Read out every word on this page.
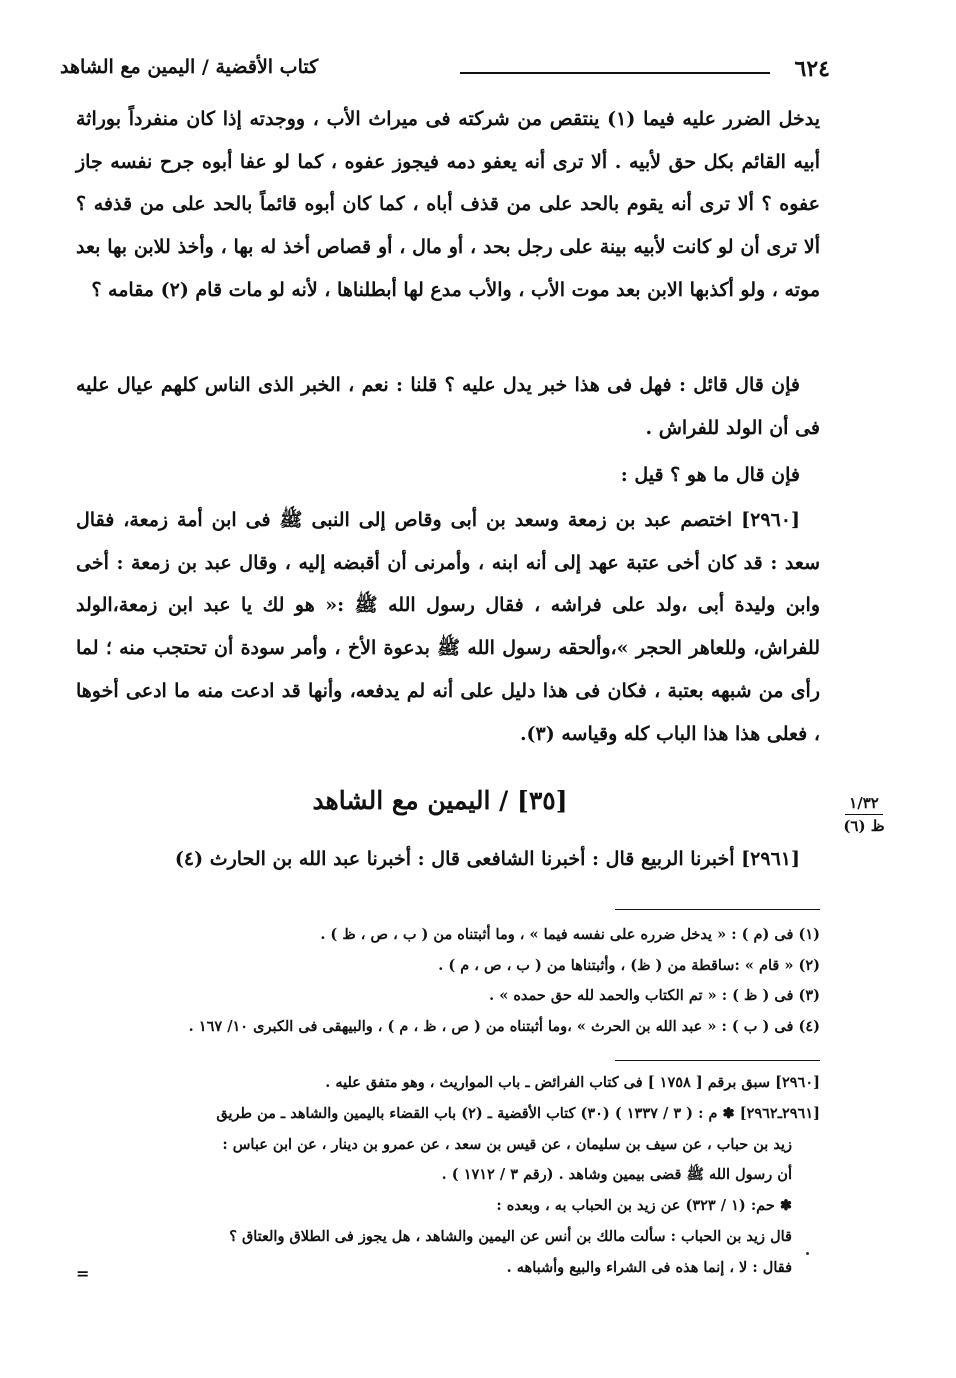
٦٢٤
كتاب الأقضية / اليمين مع الشاهد
يدخل الضرر عليه فيما (١) ينتقص من شركته فى ميراث الأب ، ووجدته إذا كان منفرداً بوراثة أبيه القائم بكل حق لأبيه . ألا ترى أنه يعفو دمه فيجوز عفوه ، كما لو عفا أبوه جرح نفسه جاز عفوه ؟ ألا ترى أنه يقوم بالحد على من قذف أباه ، كما كان أبوه قائماً بالحد على من قذفه ؟ ألا ترى أن لو كانت لأبيه بينة على رجل بحد ، أو مال ، أو قصاص أخذ له بها ، وأخذ للابن بها بعد موته ، ولو أكذبها الابن بعد موت الأب ، والأب مدع لها أبطلناها ، لأنه لو مات قام (٢) مقامه ؟
فإن قال قائل : فهل فى هذا خبر يدل عليه ؟ قلنا : نعم ، الخبر الذى الناس كلهم عيال عليه فى أن الولد للفراش .
فإن قال ما هو ؟ قيل :
[٢٩٦٠] اختصم عبد بن زمعة وسعد بن أبى وقاص إلى النبى ﷺ فى ابن أمة زمعة، فقال سعد : قد كان أخى عتبة عهد إلى أنه ابنه ، وأمرنى أن أقبضه إليه ، وقال عبد بن زمعة : أخى وابن وليدة أبى ،ولد على فراشه ، فقال رسول الله ﷺ :« هو لك يا عبد ابن زمعة،الولد للفراش، وللعاهر الحجر »،وألحقه رسول الله ﷺ بدعوة الأخ ، وأمر سودة أن تحتجب منه ؛ لما رأى من شبهه بعتبة ، فكان فى هذا دليل على أنه لم يدفعه، وأنها قد ادعت منه ما ادعى أخوها ، فعلى هذا هذا الباب كله وقياسه (٣).
[٣٥] / اليمين مع الشاهد	١/٣٢
ظ (٦)
[٢٩٦١] أخبرنا الربيع قال : أخبرنا الشافعى قال : أخبرنا عبد الله بن الحارث (٤)
(١) فى (م ) : « يدخل ضرره على نفسه فيما » ، وما أثبتناه من ( ب ، ص ، ظ ) .
(٢) « قام » :ساقطة من ( ظ) ، وأثبتناها من ( ب ، ص ، م ) .
(٣) فى ( ظ ) : « تم الكتاب والحمد لله حق حمده » .
(٤) فى ( ب ) : « عبد الله بن الحرث » ،وما أثبتناه من ( ص ، ظ ، م ) ، والبيهقى فى الكبرى ١٠/ ١٦٧ .
[٢٩٦٠] سبق برقم [ ١٧٥٨ ] فى كتاب الفرائض ـ باب المواريث ، وهو متفق عليه .
[٢٩٦١ـ٢٩٦٢] ✽ م : ( ٣ / ١٣٣٧ ) (٣٠) كتاب الأقضية ـ (٢) باب القضاء باليمين والشاهد ـ من طريق
زيد بن حباب ، عن سيف بن سليمان ، عن قيس بن سعد ، عن عمرو بن دينار ، عن ابن عباس :
أن رسول الله ﷺ قضى بيمين وشاهد . (رقم ٣ / ١٧١٢ ) .
✽ حم: (١ / ٣٢٣) عن زيد بن الحباب به ، وبعده :
قال زيد بن الحباب : سألت مالك بن أنس عن اليمين والشاهد ، هل يجوز فى الطلاق والعتاق ؟
فقال : لا ، إنما هذه فى الشراء والبيع وأشباهه .
=
